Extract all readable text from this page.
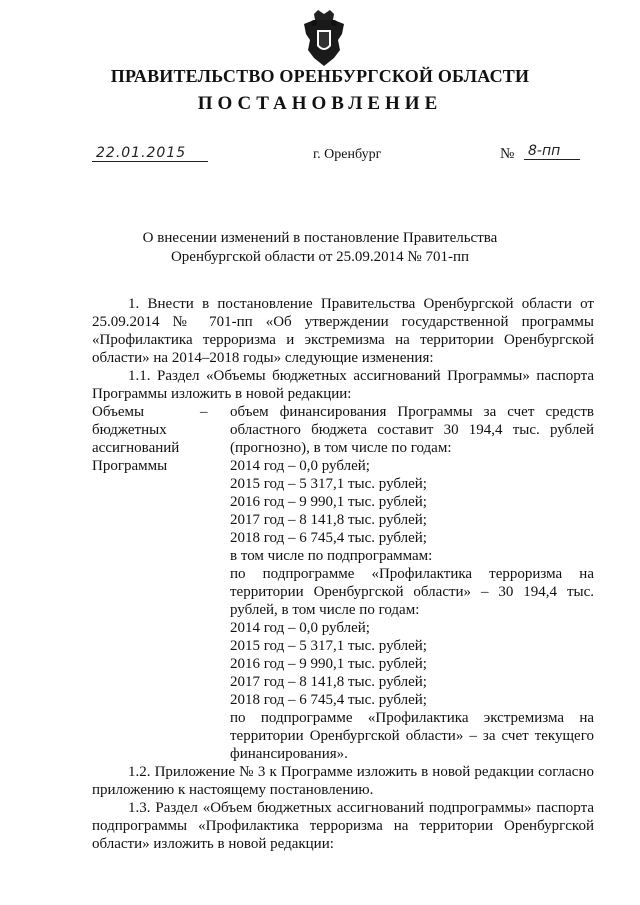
ПРАВИТЕЛЬСТВО ОРЕНБУРГСКОЙ ОБЛАСТИ
ПОСТАНОВЛЕНИЕ
22.01.2015	г. Оренбург	№ 8-пп
О внесении изменений в постановление Правительства
Оренбургской области от 25.09.2014 № 701-пп

1. Внести в постановление Правительства Оренбургской области от 25.09.2014 № 701-пп «Об утверждении государственной программы «Профилактика терроризма и экстремизма на территории Оренбургской области» на 2014–2018 годы» следующие изменения:

1.1. Раздел «Объемы бюджетных ассигнований Программы» паспорта Программы изложить в новой редакции:

Объемы
бюджетных
ассигнований
Программы
–	объем финансирования Программы за счет средств областного бюджета составит 30 194,4 тыс. рублей (прогнозно), в том числе по годам:
2014 год – 0,0 рублей;
2015 год – 5 317,1 тыс. рублей;
2016 год – 9 990,1 тыс. рублей;
2017 год – 8 141,8 тыс. рублей;
2018 год – 6 745,4 тыс. рублей;
в том числе по подпрограммам:
по подпрограмме «Профилактика терроризма на территории Оренбургской области» – 30 194,4 тыс. рублей, в том числе по годам:
2014 год – 0,0 рублей;
2015 год – 5 317,1 тыс. рублей;
2016 год – 9 990,1 тыс. рублей;
2017 год – 8 141,8 тыс. рублей;
2018 год – 6 745,4 тыс. рублей;
по подпрограмме «Профилактика экстремизма на территории Оренбургской области» – за счет текущего финансирования».

1.2. Приложение № 3 к Программе изложить в новой редакции согласно приложению к настоящему постановлению.

1.3. Раздел «Объем бюджетных ассигнований подпрограммы» паспорта подпрограммы «Профилактика терроризма на территории Оренбургской области» изложить в новой редакции:
